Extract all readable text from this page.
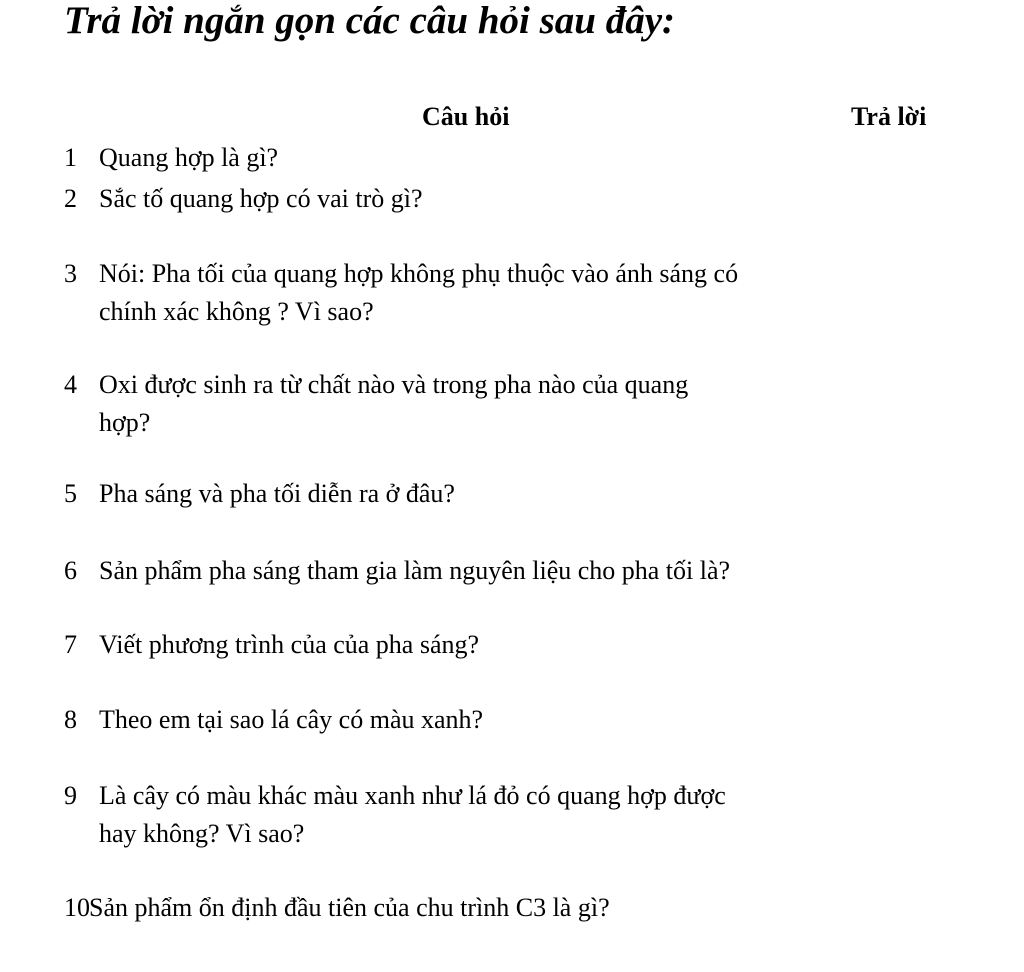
Trả lời ngắn gọn các câu hỏi sau đây:
Câu hỏi	Trả lời
1 Quang hợp là gì?
2 Sắc tố quang hợp có vai trò gì?
3 Nói: Pha tối của quang hợp không phụ thuộc vào ánh sáng có
chính xác không ? Vì sao?
4 Oxi được sinh ra từ chất nào và trong pha nào của quang
hợp?
5 Pha sáng và pha tối diễn ra ở đâu?
6 Sản phẩm pha sáng tham gia làm nguyên liệu cho pha tối là?
7 Viết phương trình của của pha sáng?
8 Theo em tại sao lá cây có màu xanh?
9 Là cây có màu khác màu xanh như lá đỏ có quang hợp được
hay không? Vì sao?
10 Sản phẩm ổn định đầu tiên của chu trình C3 là gì?
